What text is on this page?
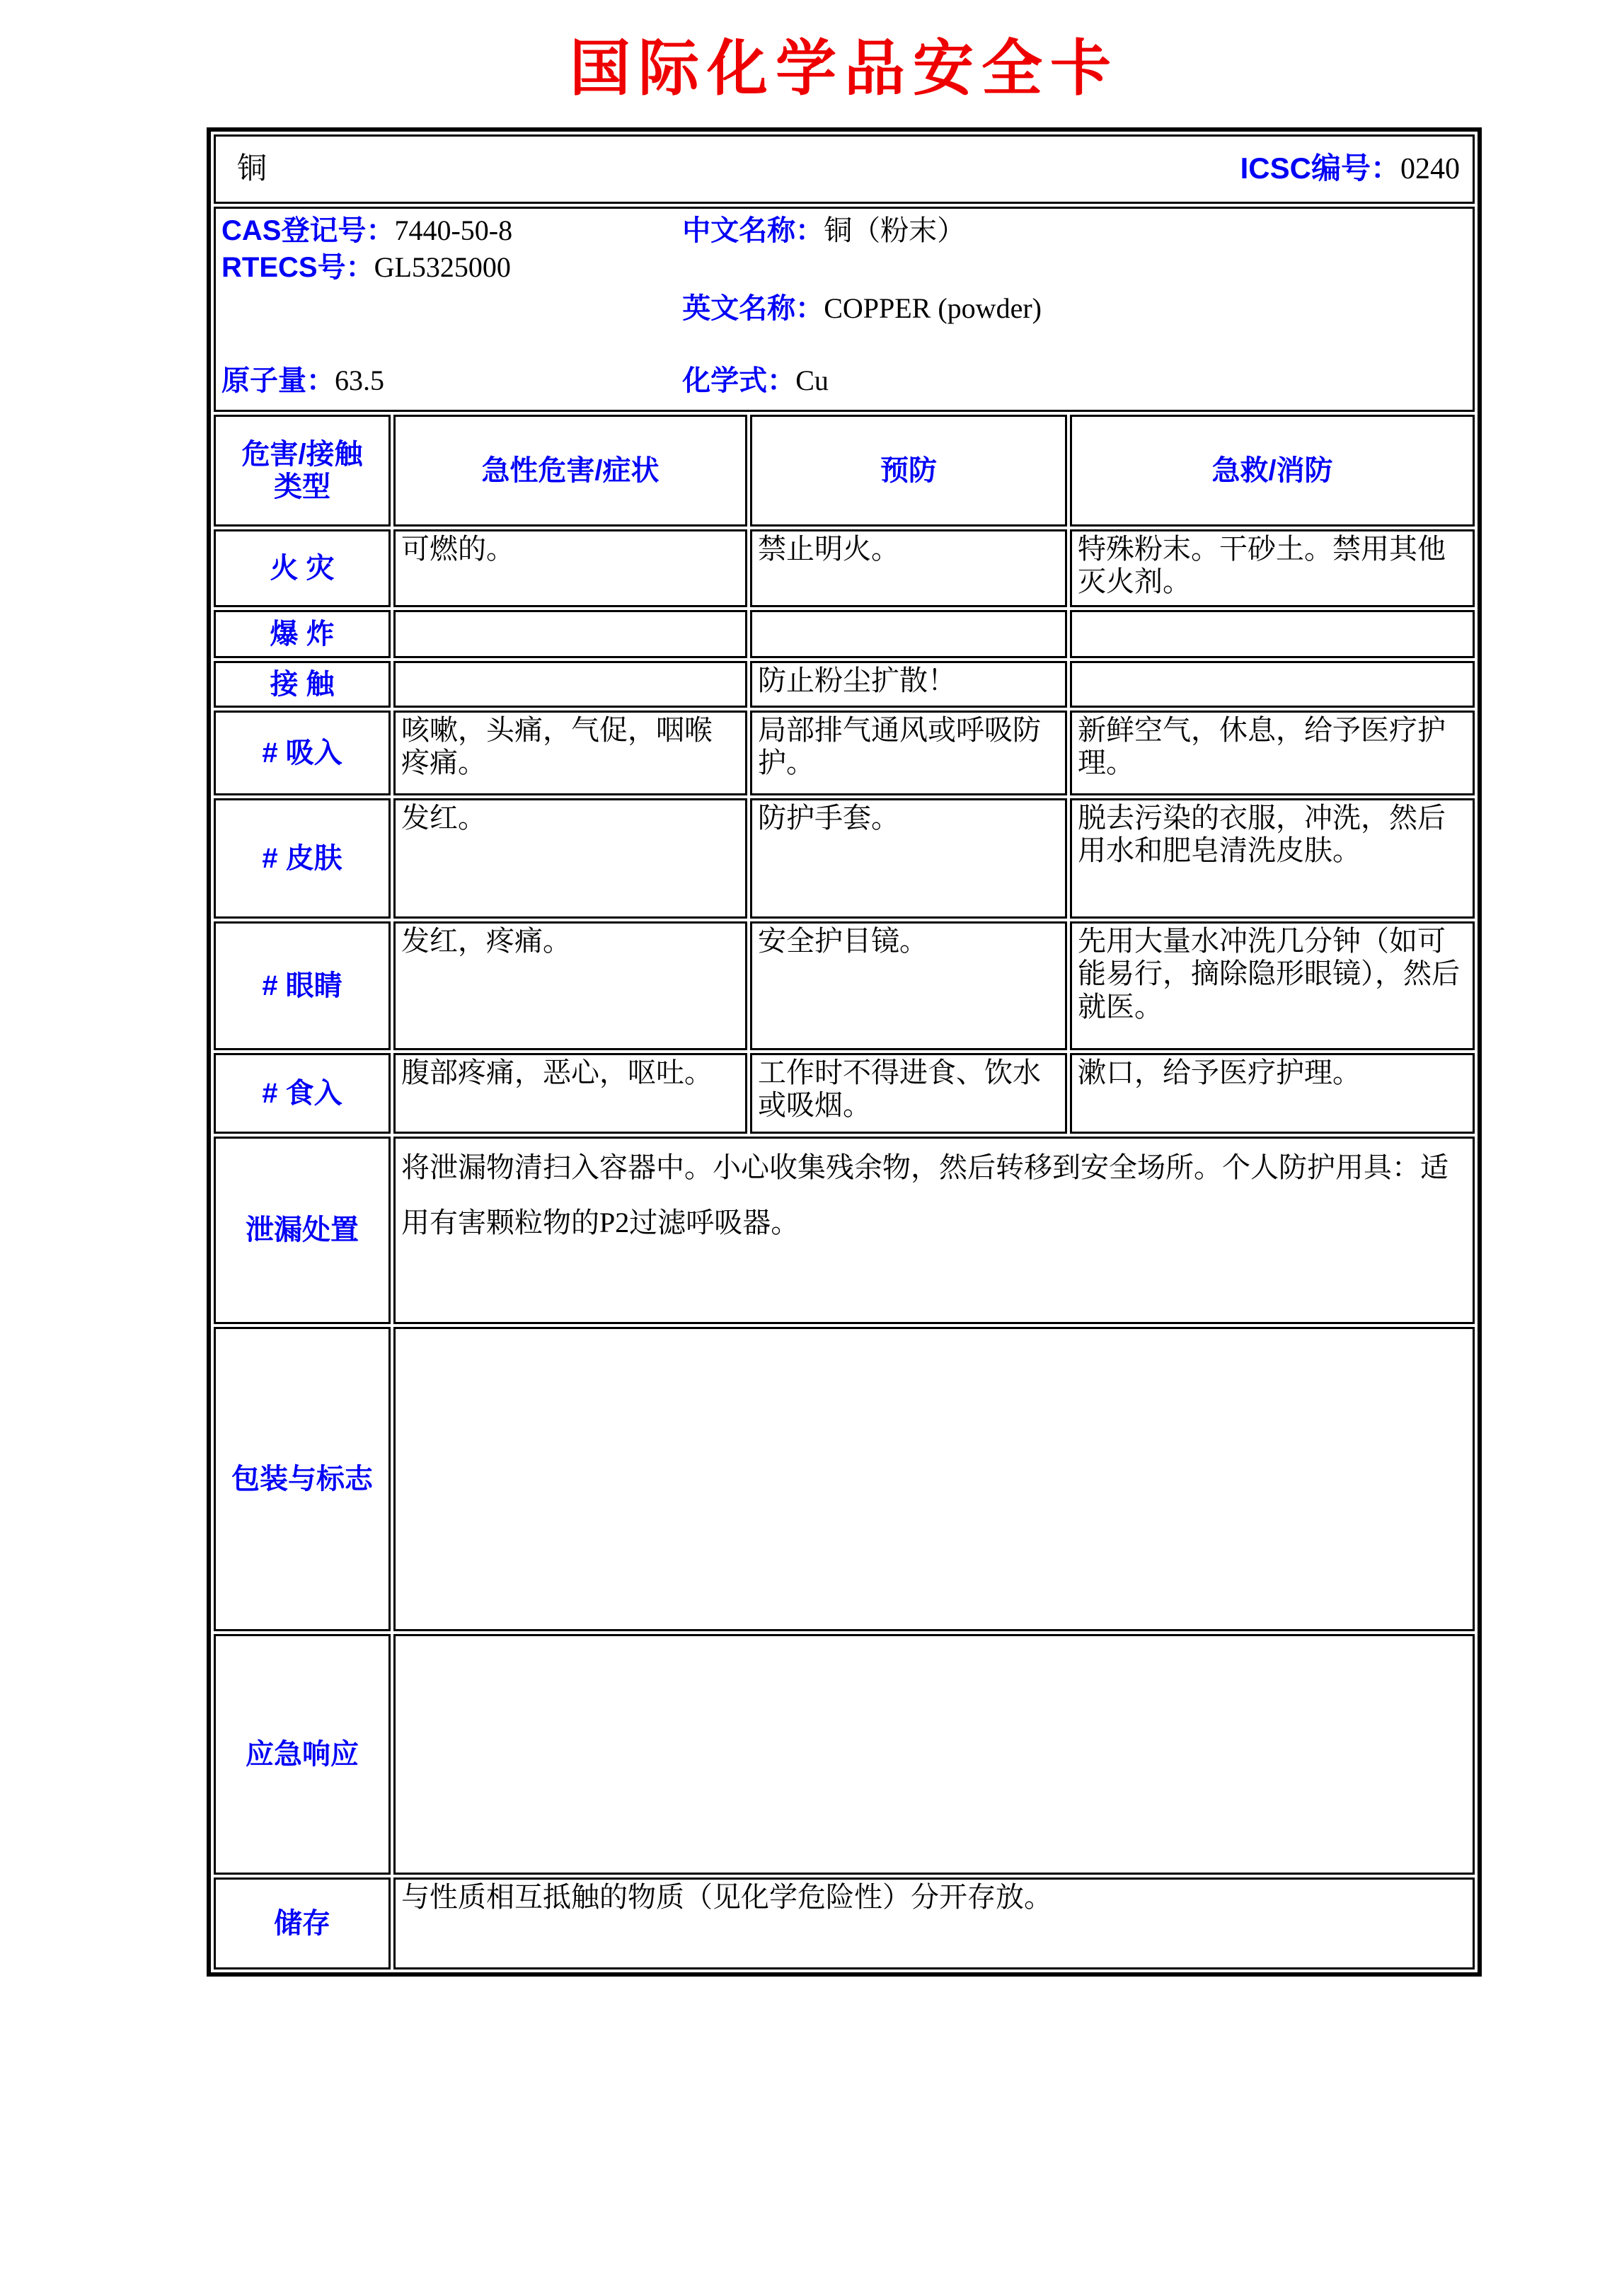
国际化学品安全卡
铜 ICSC编号：0240			

CAS登记号：7440-50-8
RTECS号：GL5325000
原子量：63.5
中文名称：铜（粉末）
英文名称：COPPER (powder)
化学式：Cu

危害/接触
类型	急性危害/症状	预防	急救/消防
火 灾	可燃的。	禁止明火。	特殊粉末。干砂土。禁用其他灭火剂。
爆 炸			
接 触		防止粉尘扩散！	
# 吸入	咳嗽，头痛，气促，咽喉疼痛。	局部排气通风或呼吸防护。	新鲜空气，休息，给予医疗护理。
# 皮肤	发红。	防护手套。	脱去污染的衣服，冲洗，然后用水和肥皂清洗皮肤。
# 眼睛	发红，疼痛。	安全护目镜。	先用大量水冲洗几分钟（如可能易行，摘除隐形眼镜），然后就医。
# 食入	腹部疼痛，恶心，呕吐。	工作时不得进食、饮水或吸烟。	漱口，给予医疗护理。
泄漏处置	将泄漏物清扫入容器中。小心收集残余物，然后转移到安全场所。个人防护用具：适用有害颗粒物的P2过滤呼吸器。		

包装与标志			
应急响应			
储存	与性质相互抵触的物质（见化学危险性）分开存放。		
